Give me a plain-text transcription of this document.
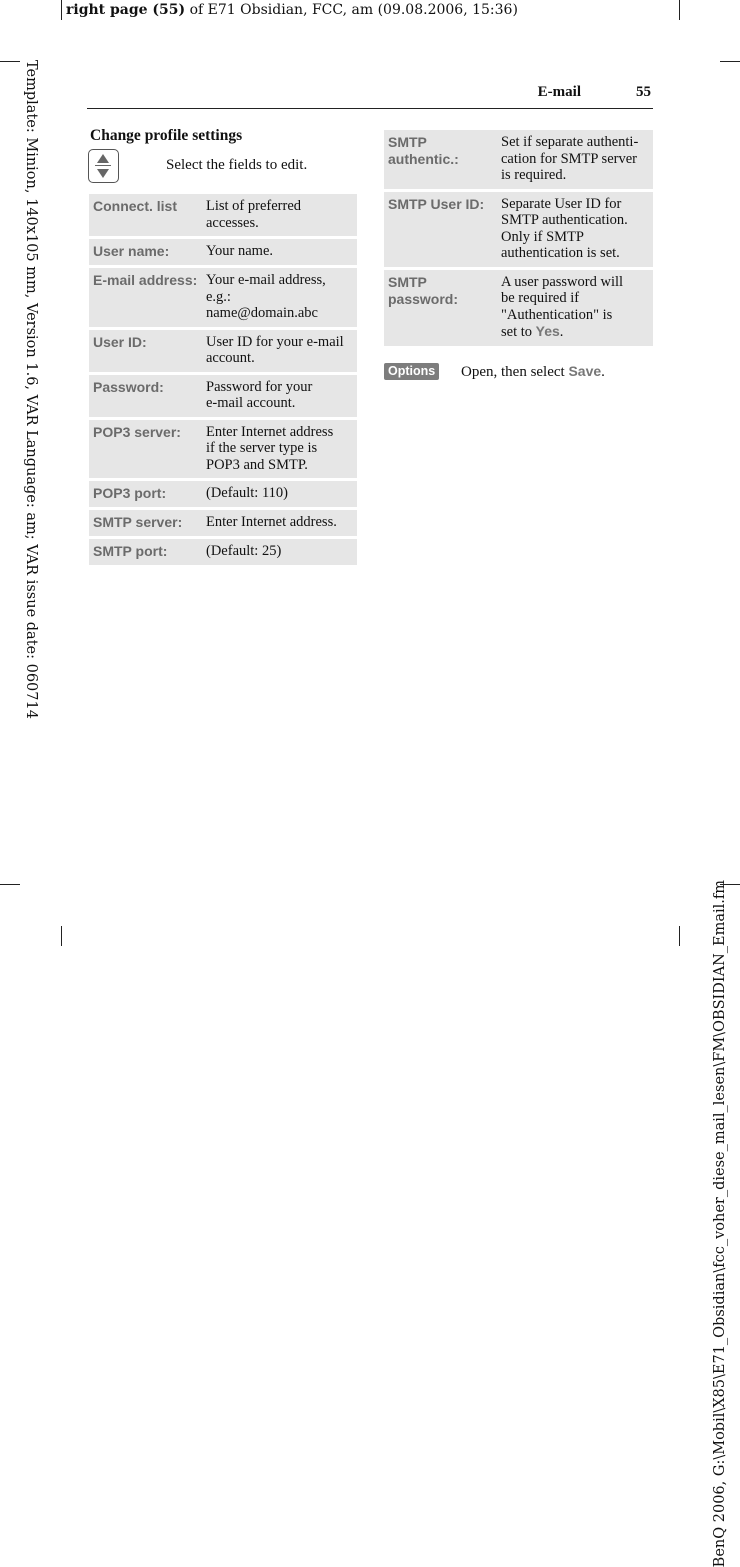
right page (55) of E71 Obsidian, FCC, am (09.08.2006, 15:36)
Template: Minion, 140x105 mm, Version 1.6, VAR Language: am; VAR issue date: 060714
BenQ 2006, G:\Mobil\X85\E71_Obsidian\fcc_voher_diese_mail_lesen\FM\OBSIDIAN_Email.fm
E-mail	55
Change profile settings
Select the fields to edit.
Connect. list	List of preferred
accesses.
User name:	Your name.
E-mail address:	Your e-mail address,
e.g.:
name@domain.abc
User ID:	User ID for your e-mail
account.
Password:	Password for your
e-mail account.
POP3 server:	Enter Internet address
if the server type is
POP3 and SMTP.
POP3 port:	(Default: 110)
SMTP server:	Enter Internet address.
SMTP port:	(Default: 25)
SMTP
authentic.:	Set if separate authenti-
cation for SMTP server
is required.
SMTP User ID:	Separate User ID for
SMTP authentication.
Only if SMTP
authentication is set.
SMTP
password:	A user password will
be required if
"Authentication" is
set to Yes.
Options Open, then select Save.
